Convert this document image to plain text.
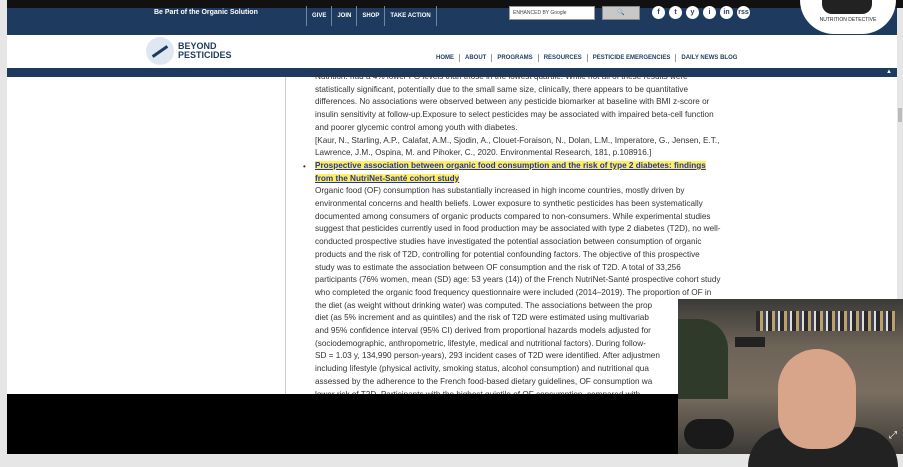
Be Part of the Organic Solution	GIVE	JOIN	SHOP	TAKE ACTION	ENHANCED BY Google	🔍	f	t	y	i	in	rss
BEYOND
PESTICIDES	HOME	ABOUT	PROGRAMS	RESOURCES	PESTICIDE EMERGENCIES	DAILY NEWS BLOG
NUTRITION DETECTIVE
▲

Nutrition: had a 4% lower FG levels than those in the lowest quartile. While not all of these results were

statistically significant, potentially due to the small same size, clinically, there appears to be quantitative

differences. No associations were observed between any pesticide biomarker at baseline with BMI z-score or

insulin sensitivity at follow-up.Exposure to select pesticides may be associated with impaired beta-cell function

and poorer glycemic control among youth with diabetes.

[Kaur, N., Starling, A.P., Calafat, A.M., Sjodin, A., Clouet-Foraison, N., Dolan, L.M., Imperatore, G., Jensen, E.T.,

Lawrence, J.M., Ospina, M. and Pihoker, C., 2020. Environmental Research, 181, p.108916.]

Prospective association between organic food consumption and the risk of type 2 diabetes: findings

from the NutriNet-Santé cohort study

Organic food (OF) consumption has substantially increased in high income countries, mostly driven by

environmental concerns and health beliefs. Lower exposure to synthetic pesticides has been systematically

documented among consumers of organic products compared to non-consumers. While experimental studies

suggest that pesticides currently used in food production may be associated with type 2 diabetes (T2D), no well-

conducted prospective studies have investigated the potential association between consumption of organic

products and the risk of T2D, controlling for potential confounding factors. The objective of this prospective

study was to estimate the association between OF consumption and the risk of T2D. A total of 33,256

participants (76% women, mean (SD) age: 53 years (14)) of the French NutriNet-Santé prospective cohort study

who completed the organic food frequency questionnaire were included (2014–2019). The proportion of OF in

the diet (as weight without drinking water) was computed. The associations between the prop

diet (as 5% increment and as quintiles) and the risk of T2D were estimated using multivariab

and 95% confidence interval (95% CI) derived from proportional hazards models adjusted for

(sociodemographic, anthropometric, lifestyle, medical and nutritional factors). During follow-

SD = 1.03 y, 134,990 person-years), 293 incident cases of T2D were identified. After adjustmen

including lifestyle (physical activity, smoking status, alcohol consumption) and nutritional qua

assessed by the adherence to the French food-based dietary guidelines, OF consumption wa

•
⤢
